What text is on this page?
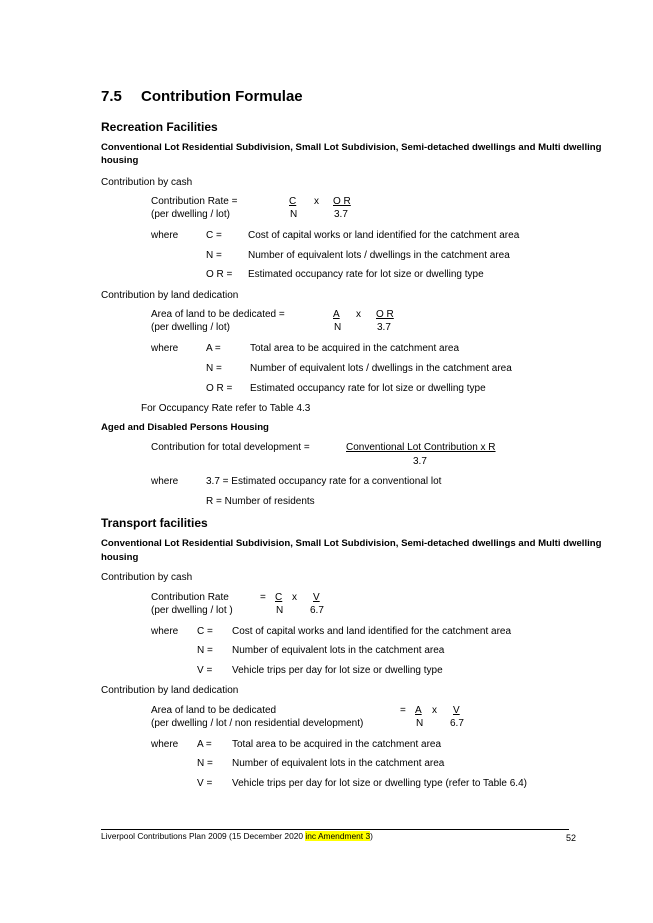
7.5 Contribution Formulae
Recreation Facilities
Conventional Lot Residential Subdivision, Small Lot Subdivision, Semi-detached dwellings and Multi dwelling
housing
Contribution by cash
Contribution Rate =	C x O R
(per dwelling / lot)	N	3.7
where	C =	Cost of capital works or land identified for the catchment area
N =	Number of equivalent lots / dwellings in the catchment area
O R = Estimated occupancy rate for lot size or dwelling type
Contribution by land dedication
Area of land to be dedicated =	A x O R
(per dwelling / lot)	N	3.7
where	A =	Total area to be acquired in the catchment area
N =	Number of equivalent lots / dwellings in the catchment area
O R = Estimated occupancy rate for lot size or dwelling type
For Occupancy Rate refer to Table 4.3
Aged and Disabled Persons Housing
Contribution for total development =	Conventional Lot Contribution x R
3.7
where	3.7 = Estimated occupancy rate for a conventional lot
R = Number of residents
Transport facilities
Conventional Lot Residential Subdivision, Small Lot Subdivision, Semi-detached dwellings and Multi dwelling
housing
Contribution by cash
Contribution Rate	= C x V
(per dwelling / lot )	N	6.7
where C = Cost of capital works and land identified for the catchment area
N = Number of equivalent lots in the catchment area
V = Vehicle trips per day for lot size or dwelling type
Contribution by land dedication
Area of land to be dedicated	= A x V
(per dwelling / lot / non residential development)	N	6.7
where A = Total area to be acquired in the catchment area
N = Number of equivalent lots in the catchment area
V = Vehicle trips per day for lot size or dwelling type (refer to Table 6.4)
Liverpool Contributions Plan 2009 (15 December 2020 inc Amendment 3)	52
